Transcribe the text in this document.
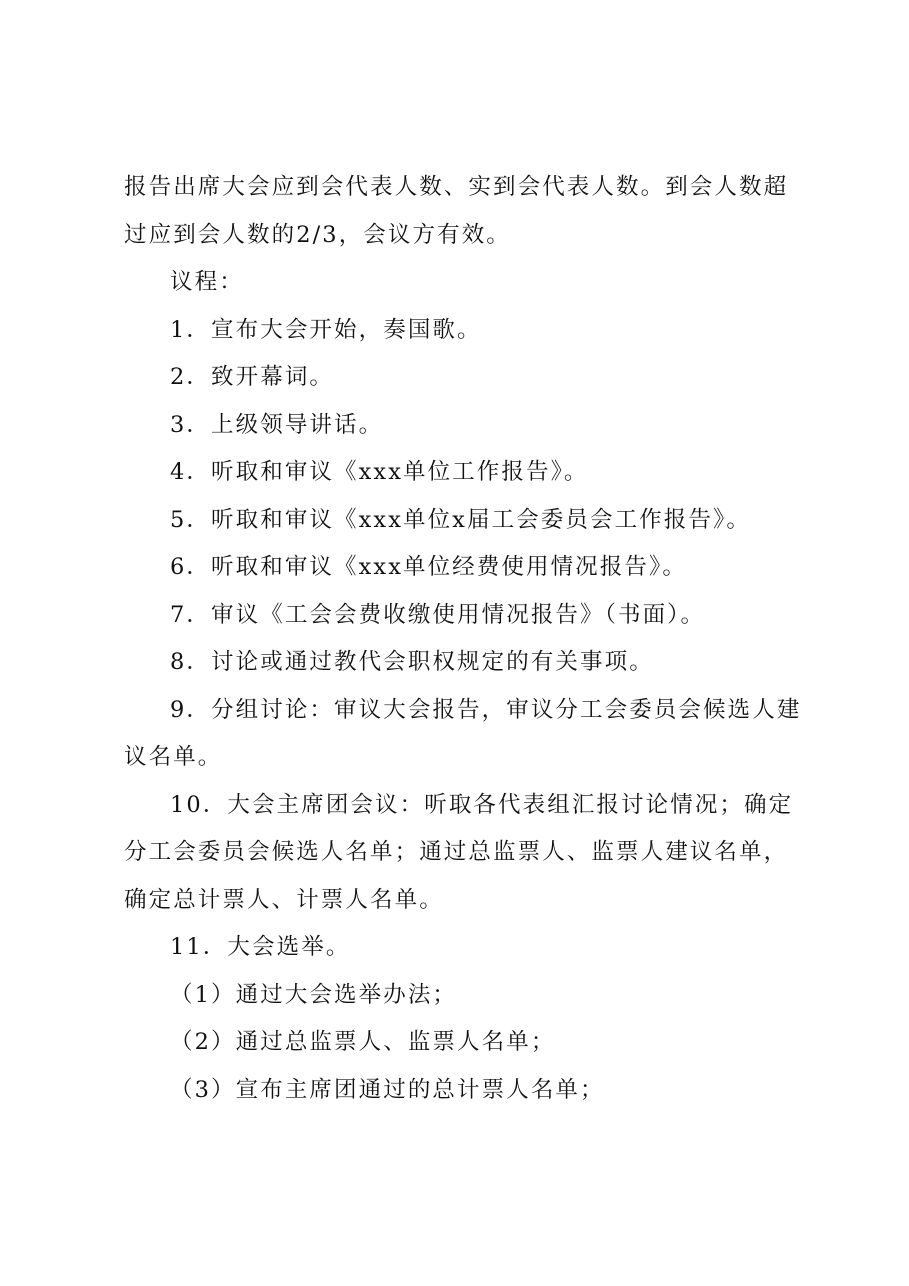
报告出席大会应到会代表人数、实到会代表人数。到会人数超
过应到会人数的2/3，会议方有效。
议程：
1．宣布大会开始，奏国歌。
2．致开幕词。
3．上级领导讲话。
4．听取和审议《xxx单位工作报告》。
5．听取和审议《xxx单位x届工会委员会工作报告》。
6．听取和审议《xxx单位经费使用情况报告》。
7．审议《工会会费收缴使用情况报告》（书面）。
8．讨论或通过教代会职权规定的有关事项。
9．分组讨论：审议大会报告，审议分工会委员会候选人建
议名单。
10．大会主席团会议：听取各代表组汇报讨论情况；确定
分工会委员会候选人名单；通过总监票人、监票人建议名单，
确定总计票人、计票人名单。
11．大会选举。
（1）通过大会选举办法；
（2）通过总监票人、监票人名单；
（3）宣布主席团通过的总计票人名单；
